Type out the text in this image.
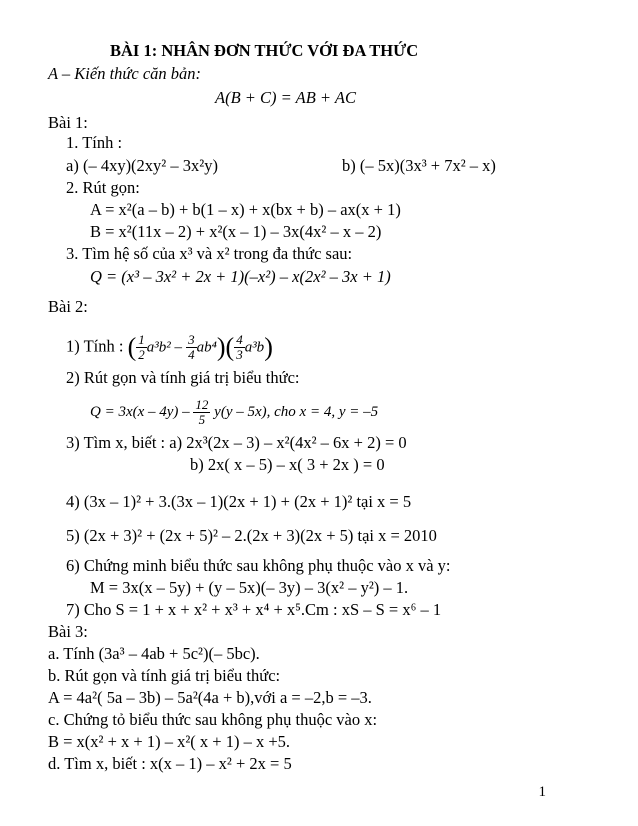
BÀI 1: NHÂN ĐƠN THỨC VỚI ĐA THỨC
A – Kiến thức căn bản:
A(B + C) = AB + AC
Bài 1:
1. Tính :
a) (– 4xy)(2xy² – 3x²y)	b) (– 5x)(3x³ + 7x² – x)
2. Rút gọn:
A = x²(a – b) + b(1 – x) + x(bx + b) – ax(x + 1)
B = x²(11x – 2) + x²(x – 1) – 3x(4x² – x – 2)
3. Tìm hệ số của x³ và x² trong đa thức sau:
Q = (x³ – 3x² + 2x + 1)(–x²) – x(2x² – 3x + 1)
Bài 2:
1) Tính : ( $\frac{1}{2} a^3b^2 - \frac{3}{4} ab^4)( \frac{4}{3} a^3b)$
2) Rút gọn và tính giá trị biểu thức:
$Q = 3x(x - 4y) - \frac{12}{5} y(y - 5x)$, cho x = 4, y = –5
3) Tìm x, biết : a) 2x³(2x – 3) – x²(4x² – 6x + 2) = 0
b) 2x( x – 5) – x( 3 + 2x ) = 0
4) (3x – 1)² + 3.(3x – 1)(2x + 1) + (2x + 1)² tại x = 5
5) (2x + 3)² + (2x + 5)² – 2.(2x + 3)(2x + 5) tại x = 2010
6) Chứng minh biểu thức sau không phụ thuộc vào x và y:
M = 3x(x – 5y) + (y – 5x)(– 3y) – 3(x² – y²) – 1.
7) Cho S = 1 + x + x² + x³ + x⁴ + x⁵.Cm : xS – S = x⁶ – 1
Bài 3:
a. Tính (3a³ – 4ab + 5c²)(– 5bc).
b. Rút gọn và tính giá trị biểu thức:
A = 4a²( 5a – 3b) – 5a²(4a + b),với a = –2,b = –3.
c. Chứng tỏ biểu thức sau không phụ thuộc vào x:
B = x(x² + x + 1) – x²( x + 1) – x +5.
d. Tìm x, biết : x(x – 1) – x² + 2x = 5
1
